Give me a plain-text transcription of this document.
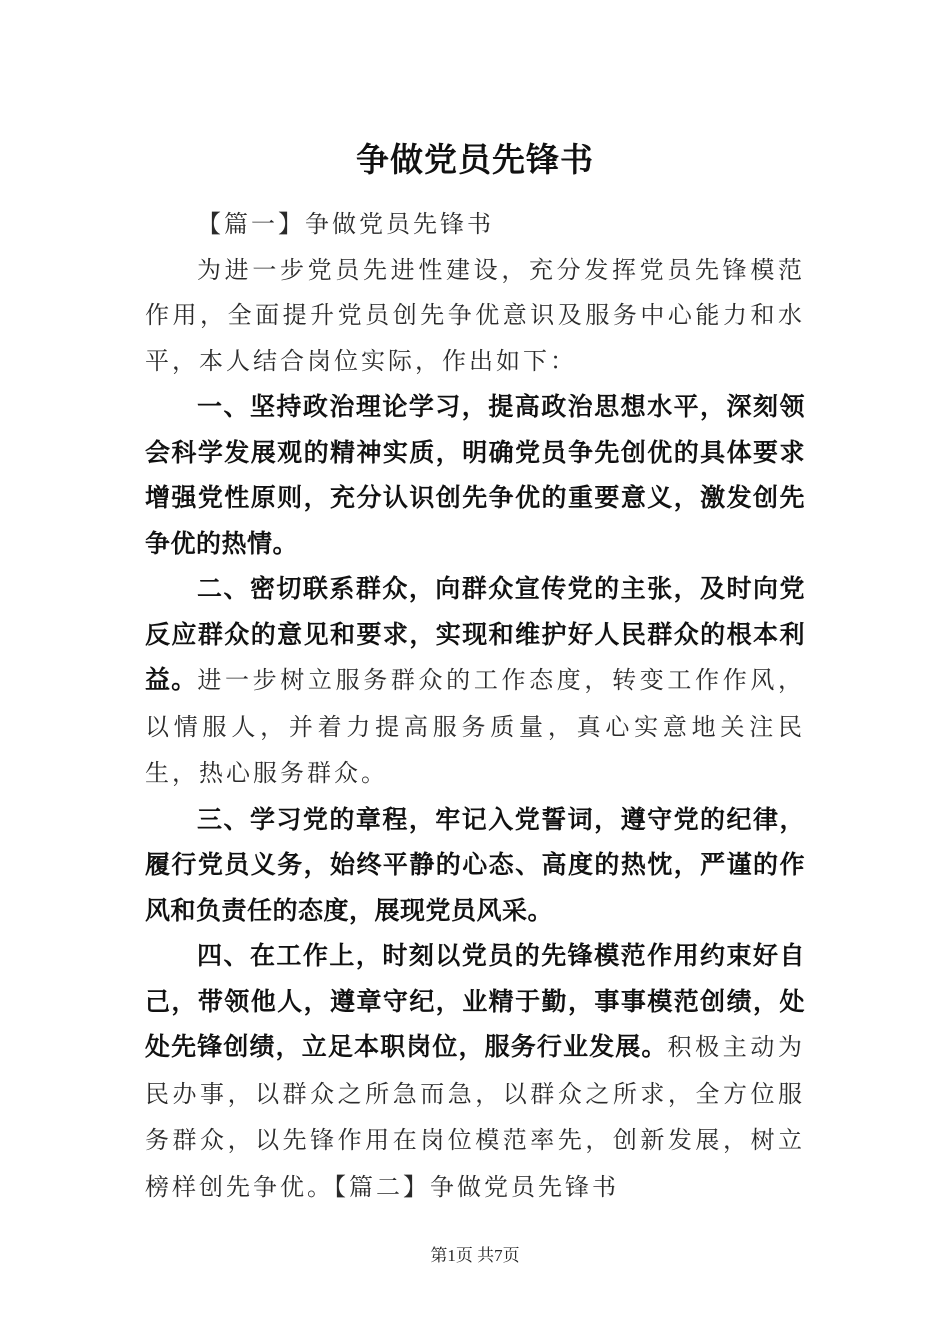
争做党员先锋书

【篇一】争做党员先锋书

为进一步党员先进性建设，充分发挥党员先锋模范作用，全面提升党员创先争优意识及服务中心能力和水平，本人结合岗位实际，作出如下：

一、坚持政治理论学习，提高政治思想水平，深刻领会科学发展观的精神实质，明确党员争先创优的具体要求增强党性原则，充分认识创先争优的重要意义，激发创先争优的热情。

二、密切联系群众，向群众宣传党的主张，及时向党反应群众的意见和要求，实现和维护好人民群众的根本利益。进一步树立服务群众的工作态度，转变工作作风，以情服人，并着力提高服务质量，真心实意地关注民生，热心服务群众。

三、学习党的章程，牢记入党誓词，遵守党的纪律，履行党员义务，始终平静的心态、高度的热忱，严谨的作风和负责任的态度，展现党员风采。

四、在工作上，时刻以党员的先锋模范作用约束好自己，带领他人，遵章守纪，业精于勤，事事模范创绩，处处先锋创绩，立足本职岗位，服务行业发展。积极主动为民办事，以群众之所急而急，以群众之所求，全方位服务群众，以先锋作用在岗位模范率先，创新发展，树立榜样创先争优。【篇二】争做党员先锋书

第1页 共7页
